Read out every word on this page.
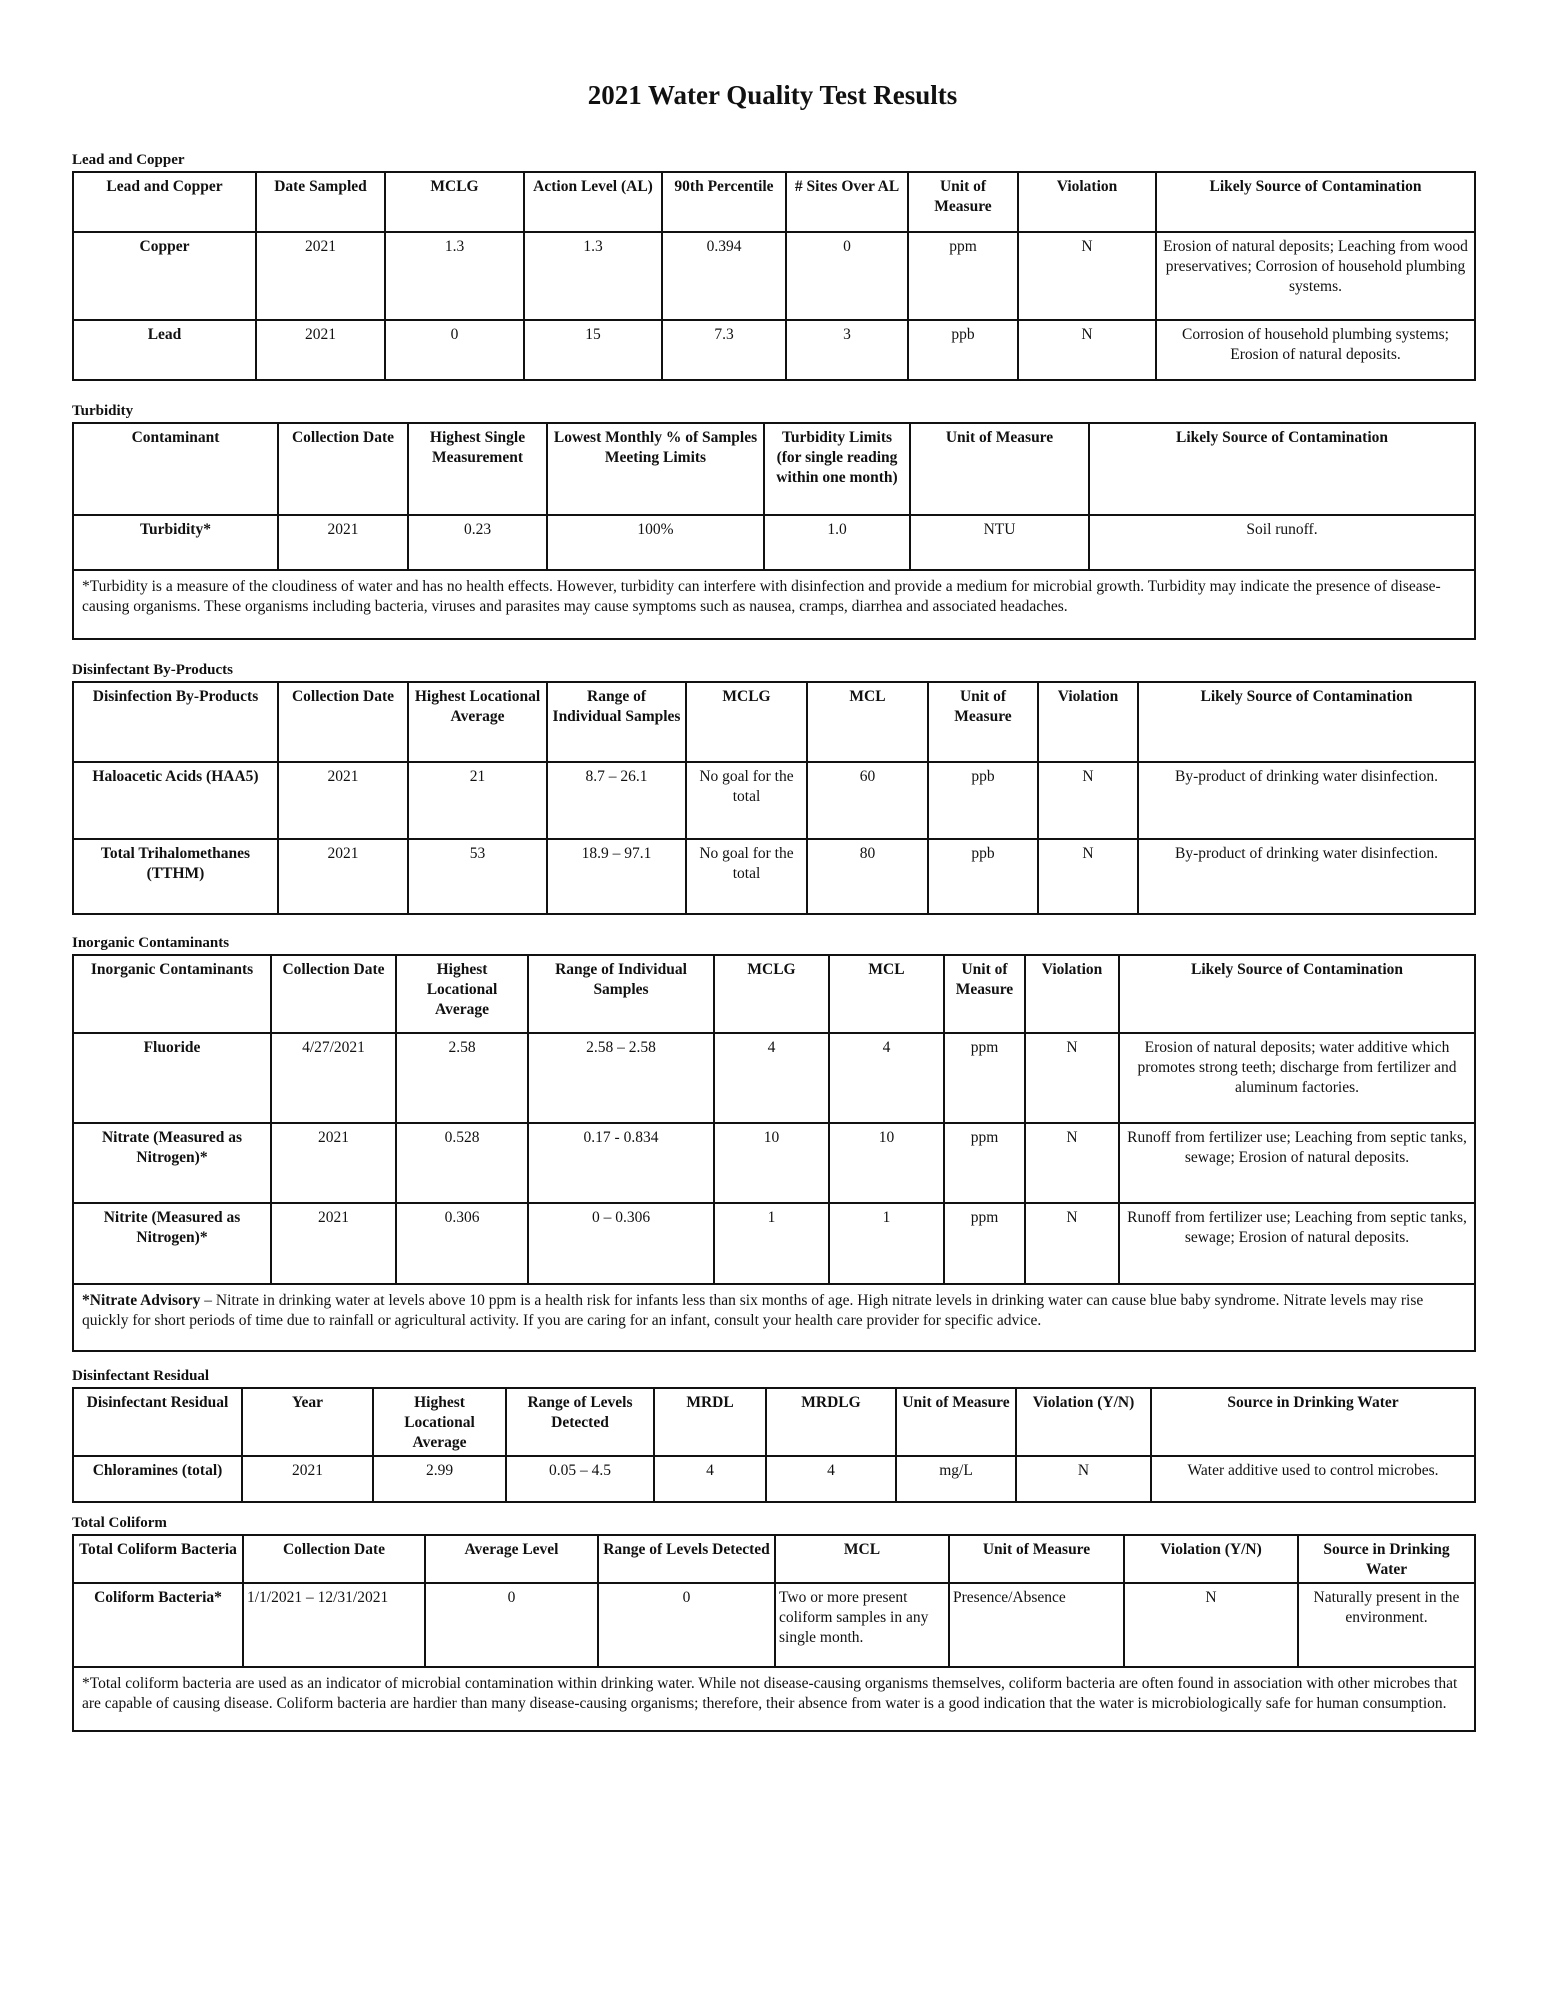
2021 Water Quality Test Results
Lead and Copper
Lead and Copper	Date Sampled	MCLG	Action Level (AL)	90th Percentile	# Sites Over AL	Unit of Measure	Violation	Likely Source of Contamination
Copper	2021	1.3	1.3	0.394	0	ppm	N	Erosion of natural deposits; Leaching from wood preservatives; Corrosion of household plumbing systems.
Lead	2021	0	15	7.3	3	ppb	N	Corrosion of household plumbing systems; Erosion of natural deposits.
Turbidity
Contaminant	Collection Date	Highest Single Measurement	Lowest Monthly % of Samples Meeting Limits	Turbidity Limits (for single reading within one month)	Unit of Measure	Likely Source of Contamination
Turbidity*	2021	0.23	100%	1.0	NTU	Soil runoff.
*Turbidity is a measure of the cloudiness of water and has no health effects. However, turbidity can interfere with disinfection and provide a medium for microbial growth. Turbidity may indicate the presence of disease-causing organisms. These organisms including bacteria, viruses and parasites may cause symptoms such as nausea, cramps, diarrhea and associated headaches.						
Disinfectant By-Products
Disinfection By-Products	Collection Date	Highest Locational Average	Range of Individual Samples	MCLG	MCL	Unit of Measure	Violation	Likely Source of Contamination
Haloacetic Acids (HAA5)	2021	21	8.7 – 26.1	No goal for the total	60	ppb	N	By-product of drinking water disinfection.
Total Trihalomethanes (TTHM)	2021	53	18.9 – 97.1	No goal for the total	80	ppb	N	By-product of drinking water disinfection.
Inorganic Contaminants
Inorganic Contaminants	Collection Date	Highest Locational Average	Range of Individual Samples	MCLG	MCL	Unit of Measure	Violation	Likely Source of Contamination
Fluoride	4/27/2021	2.58	2.58 – 2.58	4	4	ppm	N	Erosion of natural deposits; water additive which promotes strong teeth; discharge from fertilizer and aluminum factories.
Nitrate (Measured as Nitrogen)*	2021	0.528	0.17 - 0.834	10	10	ppm	N	Runoff from fertilizer use; Leaching from septic tanks, sewage; Erosion of natural deposits.
Nitrite (Measured as Nitrogen)*	2021	0.306	0 – 0.306	1	1	ppm	N	Runoff from fertilizer use; Leaching from septic tanks, sewage; Erosion of natural deposits.
*Nitrate Advisory – Nitrate in drinking water at levels above 10 ppm is a health risk for infants less than six months of age. High nitrate levels in drinking water can cause blue baby syndrome. Nitrate levels may rise quickly for short periods of time due to rainfall or agricultural activity. If you are caring for an infant, consult your health care provider for specific advice.								
Disinfectant Residual
Disinfectant Residual	Year	Highest Locational Average	Range of Levels Detected	MRDL	MRDLG	Unit of Measure	Violation (Y/N)	Source in Drinking Water
Chloramines (total)	2021	2.99	0.05 – 4.5	4	4	mg/L	N	Water additive used to control microbes.
Total Coliform
Total Coliform Bacteria	Collection Date	Average Level	Range of Levels Detected	MCL	Unit of Measure	Violation (Y/N)	Source in Drinking Water
Coliform Bacteria*	1/1/2021 – 12/31/2021	0	0	Two or more present coliform samples in any single month.	Presence/Absence	N	Naturally present in the environment.
*Total coliform bacteria are used as an indicator of microbial contamination within drinking water. While not disease-causing organisms themselves, coliform bacteria are often found in association with other microbes that are capable of causing disease. Coliform bacteria are hardier than many disease-causing organisms; therefore, their absence from water is a good indication that the water is microbiologically safe for human consumption.							
